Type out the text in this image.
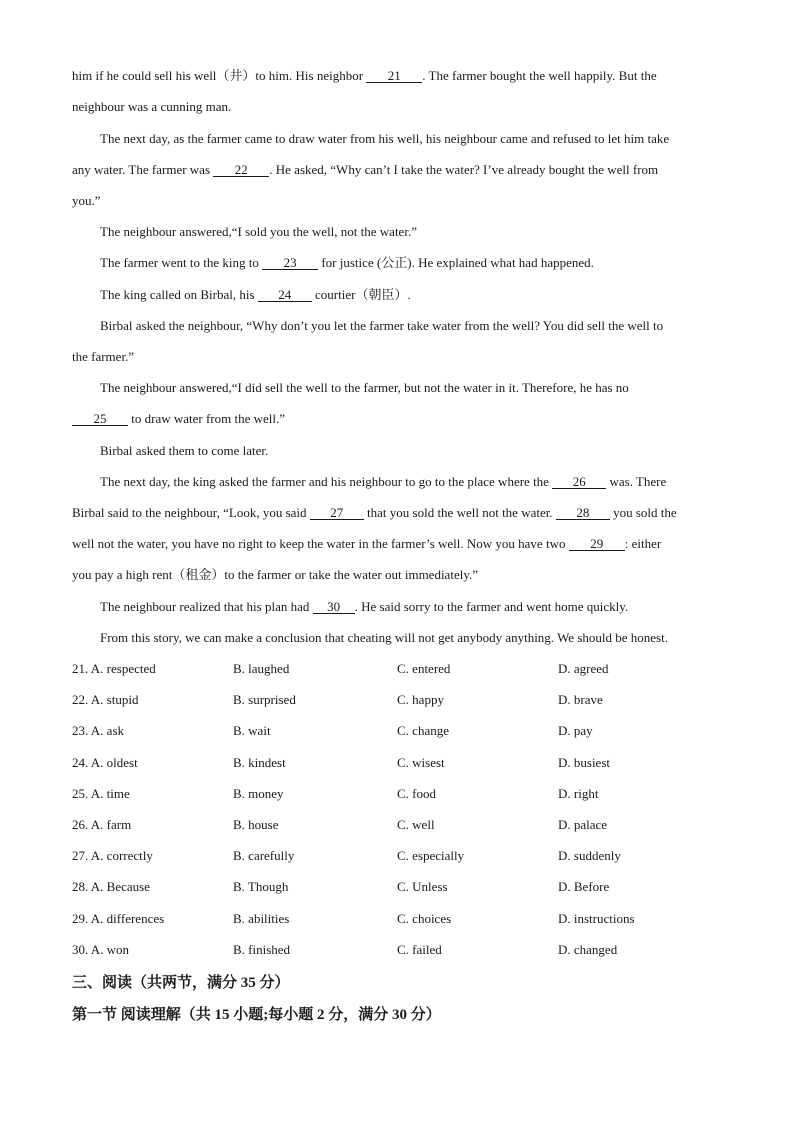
him if he could sell his well（井）to him. His neighbor 21 . The farmer bought the well happily. But the

neighbour was a cunning man.

The next day, as the farmer came to draw water from his well, his neighbour came and refused to let him take

any water. The farmer was 22 . He asked, “Why can’t I take the water? I’ve already bought the well from

you.”

The neighbour answered,“I sold you the well, not the water.”

The farmer went to the king to 23 for justice (公正). He explained what had happened.

The king called on Birbal, his 24 courtier（朝臣）.

Birbal asked the neighbour, “Why don’t you let the farmer take water from the well? You did sell the well to

the farmer.”

The neighbour answered,“I did sell the well to the farmer, but not the water in it. Therefore, he has no

25 to draw water from the well.”

Birbal asked them to come later.

The next day, the king asked the farmer and his neighbour to go to the place where the 26 was. There

Birbal said to the neighbour, “Look, you said 27 that you sold the well not the water. 28 you sold the

well not the water, you have no right to keep the water in the farmer’s well. Now you have two 29 : either

you pay a high rent（租金）to the farmer or take the water out immediately.”

The neighbour realized that his plan had 30 . He said sorry to the farmer and went home quickly.

From this story, we can make a conclusion that cheating will not get anybody anything. We should be honest.

21. A. respected	B. laughed	C. entered	D. agreed
22. A. stupid	B. surprised	C. happy	D. brave
23. A. ask	B. wait	C. change	D. pay
24. A. oldest	B. kindest	C. wisest	D. busiest
25. A. time	B. money	C. food	D. right
26. A. farm	B. house	C. well	D. palace
27. A. correctly	B. carefully	C. especially	D. suddenly
28. A. Because	B. Though	C. Unless	D. Before
29. A. differences	B. abilities	C. choices	D. instructions
30. A. won	B. finished	C. failed	D. changed
三、阅读（共两节，满分 35 分）
第一节 阅读理解（共 15 小题;每小题 2 分，满分 30 分）
